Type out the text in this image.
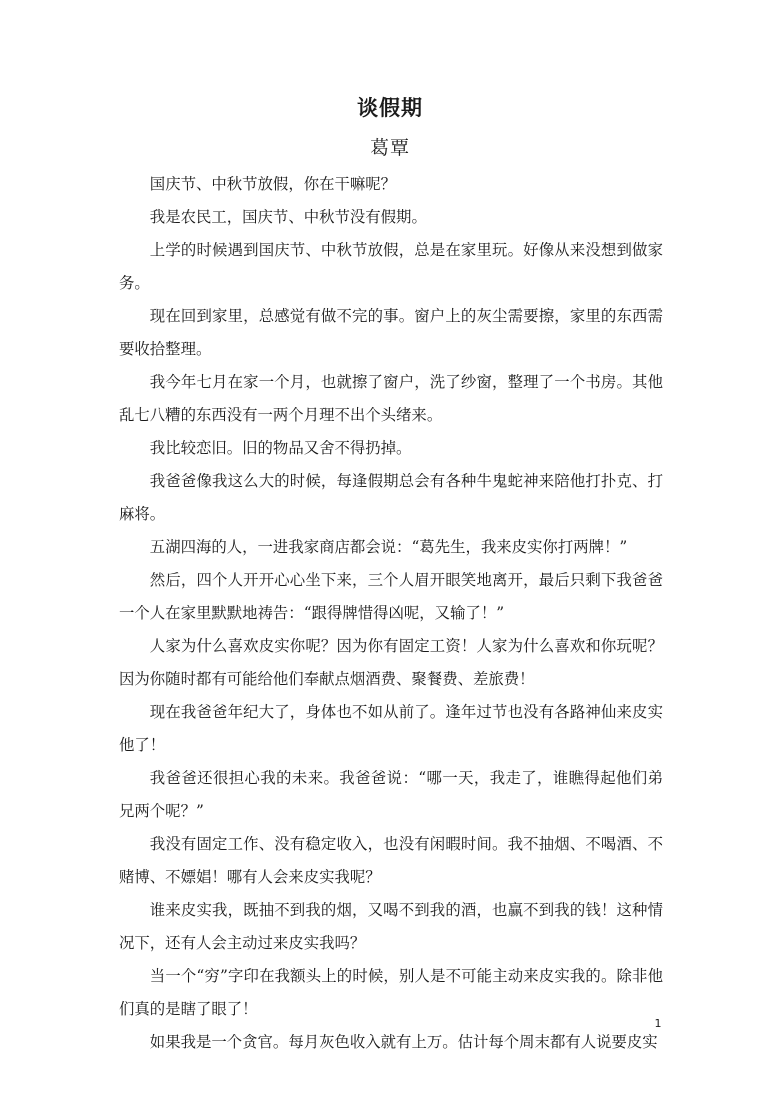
谈假期
葛覃

国庆节、中秋节放假，你在干嘛呢？

我是农民工，国庆节、中秋节没有假期。

上学的时候遇到国庆节、中秋节放假，总是在家里玩。好像从来没想到做家务。

现在回到家里，总感觉有做不完的事。窗户上的灰尘需要擦，家里的东西需要收拾整理。

我今年七月在家一个月，也就擦了窗户，洗了纱窗，整理了一个书房。其他乱七八糟的东西没有一两个月理不出个头绪来。

我比较恋旧。旧的物品又舍不得扔掉。

我爸爸像我这么大的时候，每逢假期总会有各种牛鬼蛇神来陪他打扑克、打麻将。

五湖四海的人，一进我家商店都会说：“葛先生，我来皮实你打两牌！”

然后，四个人开开心心坐下来，三个人眉开眼笑地离开，最后只剩下我爸爸一个人在家里默默地祷告：“跟得牌惜得凶呢，又输了！”

人家为什么喜欢皮实你呢？因为你有固定工资！人家为什么喜欢和你玩呢？因为你随时都有可能给他们奉献点烟酒费、聚餐费、差旅费！

现在我爸爸年纪大了，身体也不如从前了。逢年过节也没有各路神仙来皮实他了！

我爸爸还很担心我的未来。我爸爸说：“哪一天，我走了，谁瞧得起他们弟兄两个呢？”

我没有固定工作、没有稳定收入，也没有闲暇时间。我不抽烟、不喝酒、不赌博、不嫖娼！哪有人会来皮实我呢？

谁来皮实我，既抽不到我的烟，又喝不到我的酒，也赢不到我的钱！这种情况下，还有人会主动过来皮实我吗？

当一个“穷”字印在我额头上的时候，别人是不可能主动来皮实我的。除非他们真的是瞎了眼了！

如果我是一个贪官。每月灰色收入就有上万。估计每个周末都有人说要皮实

1
